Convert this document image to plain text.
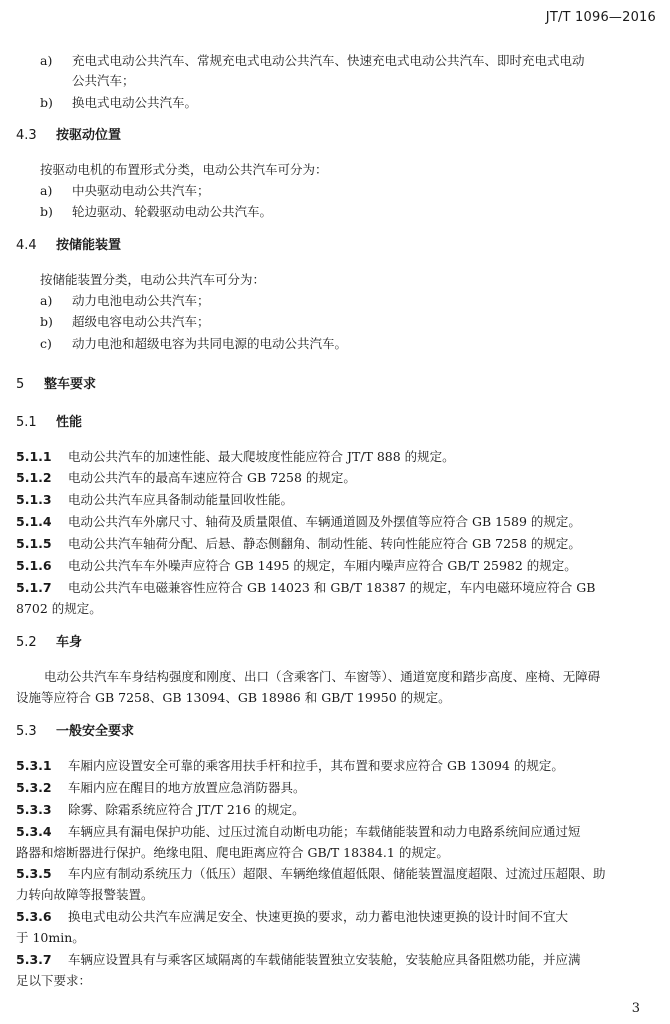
JT/T 1096—2016
a) 充电式电动公共汽车、常规充电式电动公共汽车、快速充电式电动公共汽车、即时充电式电动
公共汽车；
b) 换电式电动公共汽车。
4.3 按驱动位置
按驱动电机的布置形式分类，电动公共汽车可分为：
a) 中央驱动电动公共汽车；
b) 轮边驱动、轮毂驱动电动公共汽车。
4.4 按储能装置
按储能装置分类，电动公共汽车可分为：
a) 动力电池电动公共汽车；
b) 超级电容电动公共汽车；
c) 动力电池和超级电容为共同电源的电动公共汽车。
5 整车要求
5.1 性能
5.1.1 电动公共汽车的加速性能、最大爬坡度性能应符合 JT/T 888 的规定。
5.1.2 电动公共汽车的最高车速应符合 GB 7258 的规定。
5.1.3 电动公共汽车应具备制动能量回收性能。
5.1.4 电动公共汽车外廓尺寸、轴荷及质量限值、车辆通道圆及外摆值等应符合 GB 1589 的规定。
5.1.5 电动公共汽车轴荷分配、后悬、静态侧翻角、制动性能、转向性能应符合 GB 7258 的规定。
5.1.6 电动公共汽车车外噪声应符合 GB 1495 的规定，车厢内噪声应符合 GB/T 25982 的规定。
5.1.7 电动公共汽车电磁兼容性应符合 GB 14023 和 GB/T 18387 的规定，车内电磁环境应符合 GB
8702 的规定。
5.2 车身
电动公共汽车车身结构强度和刚度、出口（含乘客门、车窗等）、通道宽度和踏步高度、座椅、无障碍
设施等应符合 GB 7258、GB 13094、GB 18986 和 GB/T 19950 的规定。
5.3 一般安全要求
5.3.1 车厢内应设置安全可靠的乘客用扶手杆和拉手，其布置和要求应符合 GB 13094 的规定。
5.3.2 车厢内应在醒目的地方放置应急消防器具。
5.3.3 除雾、除霜系统应符合 JT/T 216 的规定。
5.3.4 车辆应具有漏电保护功能、过压过流自动断电功能；车载储能装置和动力电路系统间应通过短
路器和熔断器进行保护。绝缘电阻、爬电距离应符合 GB/T 18384.1 的规定。
5.3.5 车内应有制动系统压力（低压）超限、车辆绝缘值超低限、储能装置温度超限、过流过压超限、助
力转向故障等报警装置。
5.3.6 换电式电动公共汽车应满足安全、快速更换的要求，动力蓄电池快速更换的设计时间不宜大
于 10min。
5.3.7 车辆应设置具有与乘客区域隔离的车载储能装置独立安装舱，安装舱应具备阻燃功能，并应满
足以下要求：
3
